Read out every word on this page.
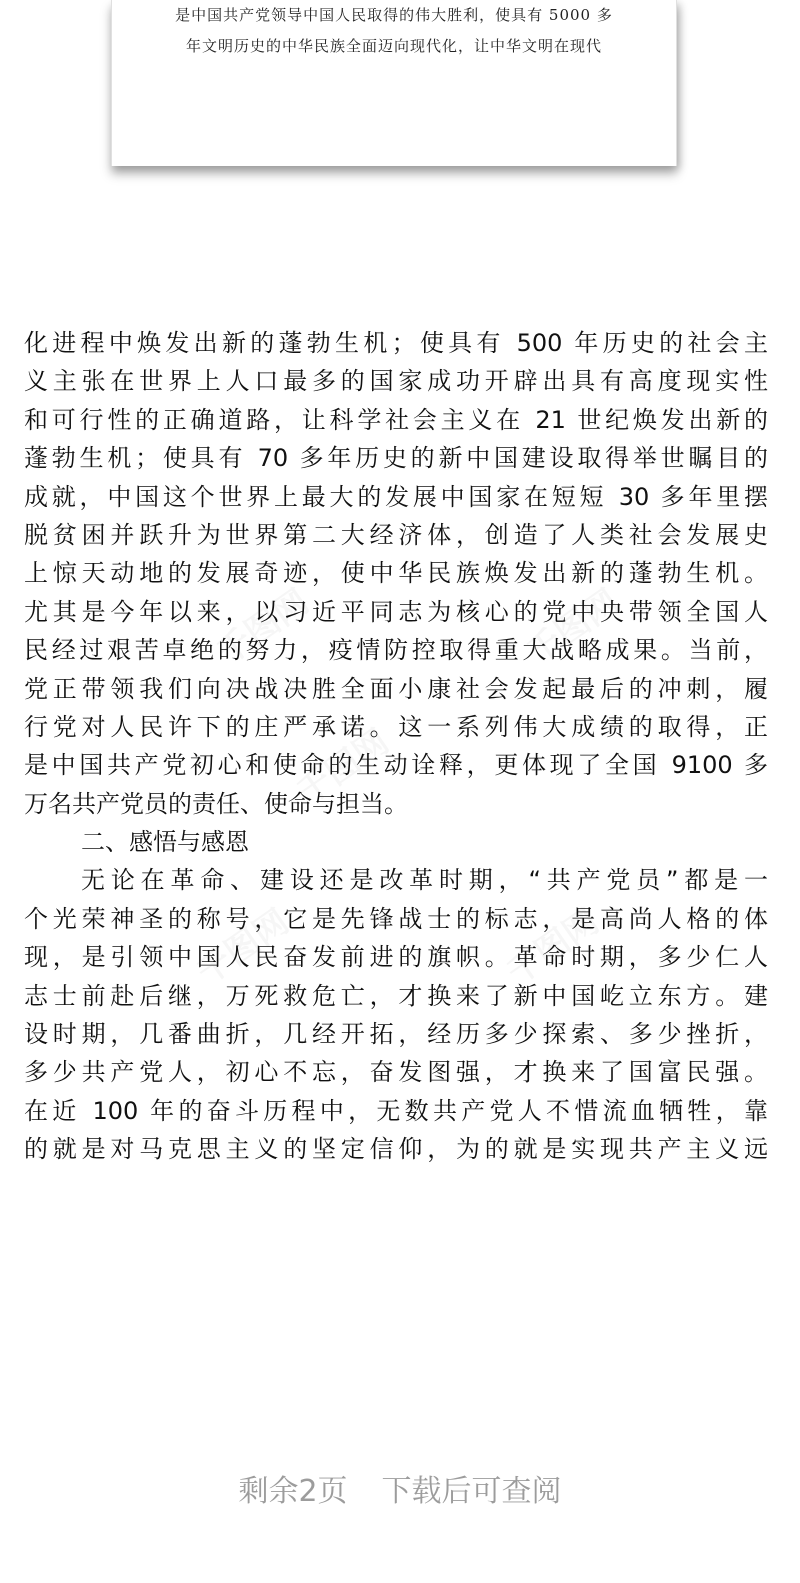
是中国共产党领导中国人民取得的伟大胜利，使具有 5000 多
年文明历史的中华民族全面迈向现代化，让中华文明在现代
化进程中焕发出新的蓬勃生机；使具有 500 年历史的社会主
义主张在世界上人口最多的国家成功开辟出具有高度现实性
和可行性的正确道路，让科学社会主义在 21 世纪焕发出新的
蓬勃生机；使具有 70 多年历史的新中国建设取得举世瞩目的
成就，中国这个世界上最大的发展中国家在短短 30 多年里摆
脱贫困并跃升为世界第二大经济体，创造了人类社会发展史
上惊天动地的发展奇迹，使中华民族焕发出新的蓬勃生机。
尤其是今年以来，以习近平同志为核心的党中央带领全国人
民经过艰苦卓绝的努力，疫情防控取得重大战略成果。当前，
党正带领我们向决战决胜全面小康社会发起最后的冲刺，履
行党对人民许下的庄严承诺。这一系列伟大成绩的取得，正
是中国共产党初心和使命的生动诠释，更体现了全国 9100 多
万名共产党员的责任、使命与担当。
二、感悟与感恩
无论在革命、建设还是改革时期，“共产党员”都是一
个光荣神圣的称号，它是先锋战士的标志，是高尚人格的体
现，是引领中国人民奋发前进的旗帜。革命时期，多少仁人
志士前赴后继，万死救危亡，才换来了新中国屹立东方。建
设时期，几番曲折，几经开拓，经历多少探索、多少挫折，
多少共产党人，初心不忘，奋发图强，才换来了国富民强。
在近 100 年的奋斗历程中，无数共产党人不惜流血牺牲，靠
的就是对马克思主义的坚定信仰，为的就是实现共产主义远
剩余2页 下载后可查阅
